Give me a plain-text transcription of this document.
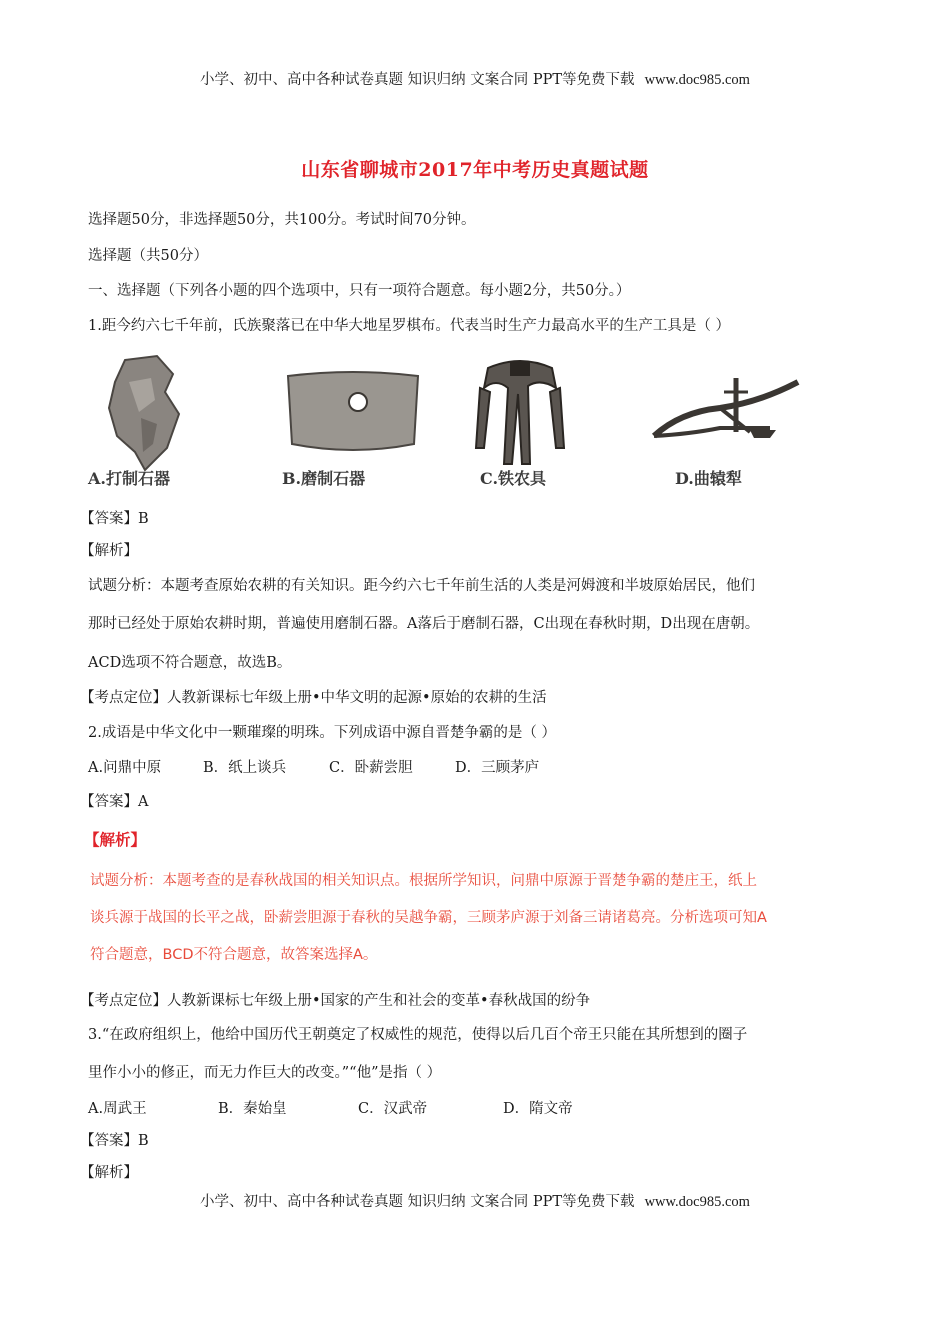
小学、初中、高中各种试卷真题 知识归纳 文案合同 PPT等免费下载 www.doc985.com
山东省聊城市2017年中考历史真题试题
选择题50分，非选择题50分，共100分。考试时间70分钟。
选择题（共50分）
一、选择题（下列各小题的四个选项中，只有一项符合题意。每小题2分，共50分。）
1.距今约六七千年前，氏族聚落已在中华大地星罗棋布。代表当时生产力最高水平的生产工具是（ ）
A.打制石器	B.磨制石器	C.铁农具	D.曲辕犁
【答案】B
【解析】
试题分析：本题考查原始农耕的有关知识。距今约六七千年前生活的人类是河姆渡和半坡原始居民，他们
那时已经处于原始农耕时期，普遍使用磨制石器。A落后于磨制石器，C出现在春秋时期，D出现在唐朝。
ACD选项不符合题意，故选B。
【考点定位】人教新课标七年级上册•中华文明的起源•原始的农耕的生活
2.成语是中华文化中一颗璀璨的明珠。下列成语中源自晋楚争霸的是（ ）
A.问鼎中原	B．纸上谈兵	C．卧薪尝胆	D．三顾茅庐
【答案】A
【解析】
试题分析：本题考查的是春秋战国的相关知识点。根据所学知识，问鼎中原源于晋楚争霸的楚庄王，纸上
谈兵源于战国的长平之战，卧薪尝胆源于春秋的吴越争霸，三顾茅庐源于刘备三请诸葛亮。分析选项可知A
符合题意，BCD不符合题意，故答案选择A。
【考点定位】人教新课标七年级上册•国家的产生和社会的变革•春秋战国的纷争
3.“在政府组织上，他给中国历代王朝奠定了权威性的规范，使得以后几百个帝王只能在其所想到的圈子
里作小小的修正，而无力作巨大的改变。”“他”是指（ ）
A.周武王	B．秦始皇	C．汉武帝	D．隋文帝
【答案】B
【解析】
小学、初中、高中各种试卷真题 知识归纳 文案合同 PPT等免费下载 www.doc985.com
